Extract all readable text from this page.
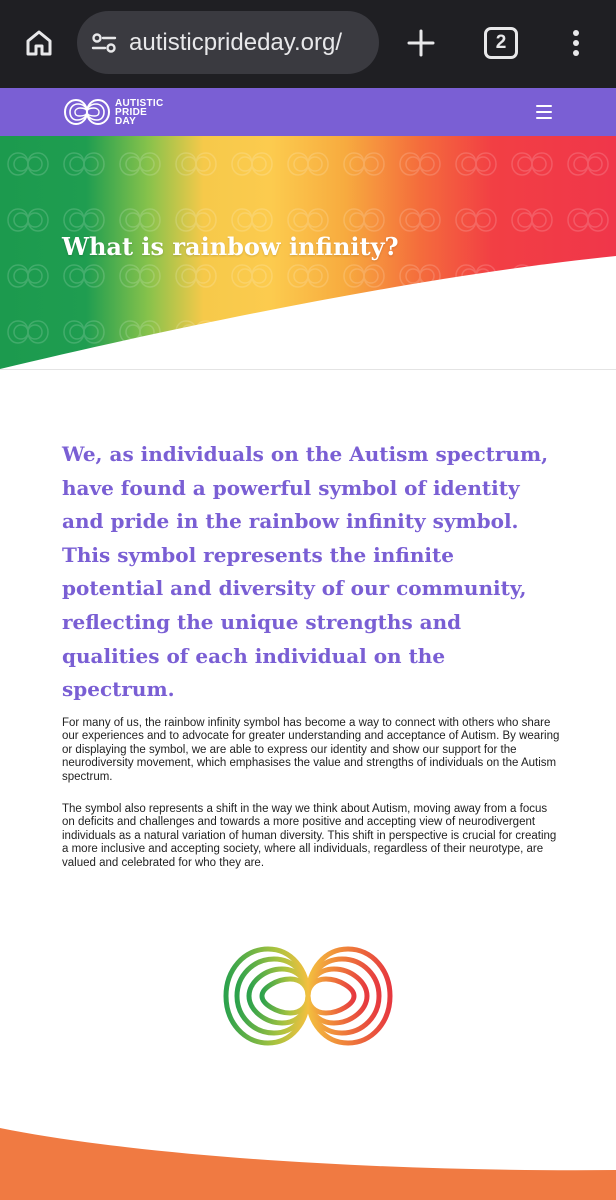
autisticprideday.org/	2
AUTISTIC
PRIDE
DAY
What is rainbow infinity?

We, as individuals on the Autism spectrum, have found a powerful symbol of identity and pride in the rainbow infinity symbol. This symbol represents the infinite potential and diversity of our community, reflecting the unique strengths and qualities of each individual on the spectrum.

For many of us, the rainbow infinity symbol has become a way to connect with others who share our experiences and to advocate for greater understanding and acceptance of Autism. By wearing or displaying the symbol, we are able to express our identity and show our support for the neurodiversity movement, which emphasises the value and strengths of individuals on the Autism spectrum.

The symbol also represents a shift in the way we think about Autism, moving away from a focus on deficits and challenges and towards a more positive and accepting view of neurodivergent individuals as a natural variation of human diversity. This shift in perspective is crucial for creating a more inclusive and accepting society, where all individuals, regardless of their neurotype, are valued and celebrated for who they are.
